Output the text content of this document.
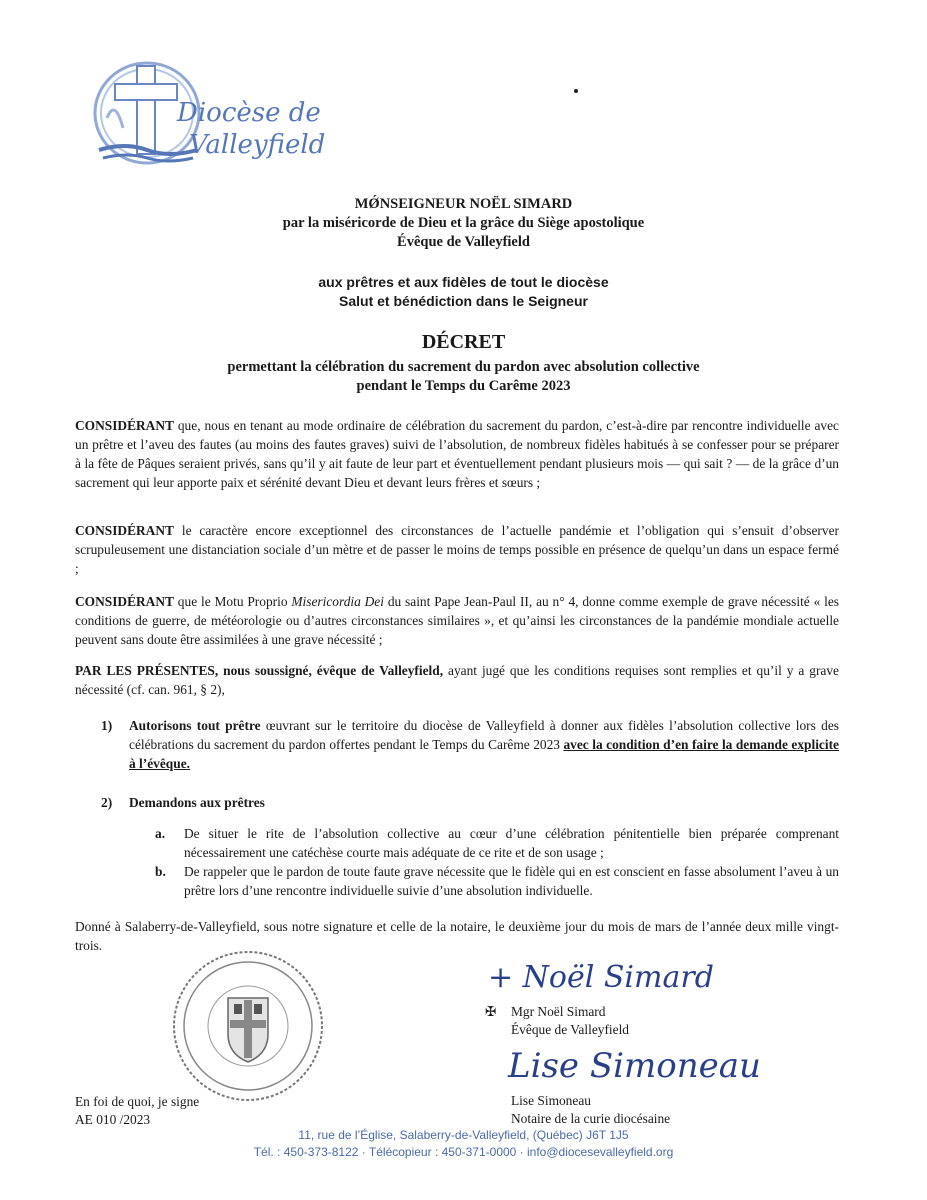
Diocèse de
Valleyfield
MǾNSEIGNEUR NOËL SIMARD
par la miséricorde de Dieu et la grâce du Siège apostolique
Évêque de Valleyfield
aux prêtres et aux fidèles de tout le diocèse
Salut et bénédiction dans le Seigneur
DÉCRET
permettant la célébration du sacrement du pardon avec absolution collective
pendant le Temps du Carême 2023
CONSIDÉRANT que, nous en tenant au mode ordinaire de célébration du sacrement du pardon, c’est-à-dire par rencontre individuelle avec un prêtre et l’aveu des fautes (au moins des fautes graves) suivi de l’absolution, de nombreux fidèles habitués à se confesser pour se préparer à la fête de Pâques seraient privés, sans qu’il y ait faute de leur part et éventuellement pendant plusieurs mois — qui sait ? — de la grâce d’un sacrement qui leur apporte paix et sérénité devant Dieu et devant leurs frères et sœurs ;
CONSIDÉRANT le caractère encore exceptionnel des circonstances de l’actuelle pandémie et l’obligation qui s’ensuit d’observer scrupuleusement une distanciation sociale d’un mètre et de passer le moins de temps possible en présence de quelqu’un dans un espace fermé ;
CONSIDÉRANT que le Motu Proprio Misericordia Dei du saint Pape Jean-Paul II, au n° 4, donne comme exemple de grave nécessité « les conditions de guerre, de météorologie ou d’autres circonstances similaires », et qu’ainsi les circonstances de la pandémie mondiale actuelle peuvent sans doute être assimilées à une grave nécessité ;
PAR LES PRÉSENTES, nous soussigné, évêque de Valleyfield, ayant jugé que les conditions requises sont remplies et qu’il y a grave nécessité (cf. can. 961, § 2),
1) Autorisons tout prêtre œuvrant sur le territoire du diocèse de Valleyfield à donner aux fidèles l’absolution collective lors des célébrations du sacrement du pardon offertes pendant le Temps du Carême 2023 avec la condition d’en faire la demande explicite à l’évêque.
2) Demandons aux prêtres
a. De situer le rite de l’absolution collective au cœur d’une célébration pénitentielle bien préparée comprenant nécessairement une catéchèse courte mais adéquate de ce rite et de son usage ;
b. De rappeler que le pardon de toute faute grave nécessite que le fidèle qui en est conscient en fasse absolument l’aveu à un prêtre lors d’une rencontre individuelle suivie d’une absolution individuelle.
Donné à Salaberry-de-Valleyfield, sous notre signature et celle de la notaire, le deuxième jour du mois de mars de l’année deux mille vingt-trois.
En foi de quoi, je signe
AE 010 /2023
+ Noël Simard
✠ Mgr Noël Simard
Évêque de Valleyfield
Lise Simoneau
Lise Simoneau
Notaire de la curie diocésaine
11, rue de l’Église, Salaberry-de-Valleyfield, (Québec) J6T 1J5
Tél. : 450-373-8122 · Télécopieur : 450-371-0000 · info@diocesevalleyfield.org
